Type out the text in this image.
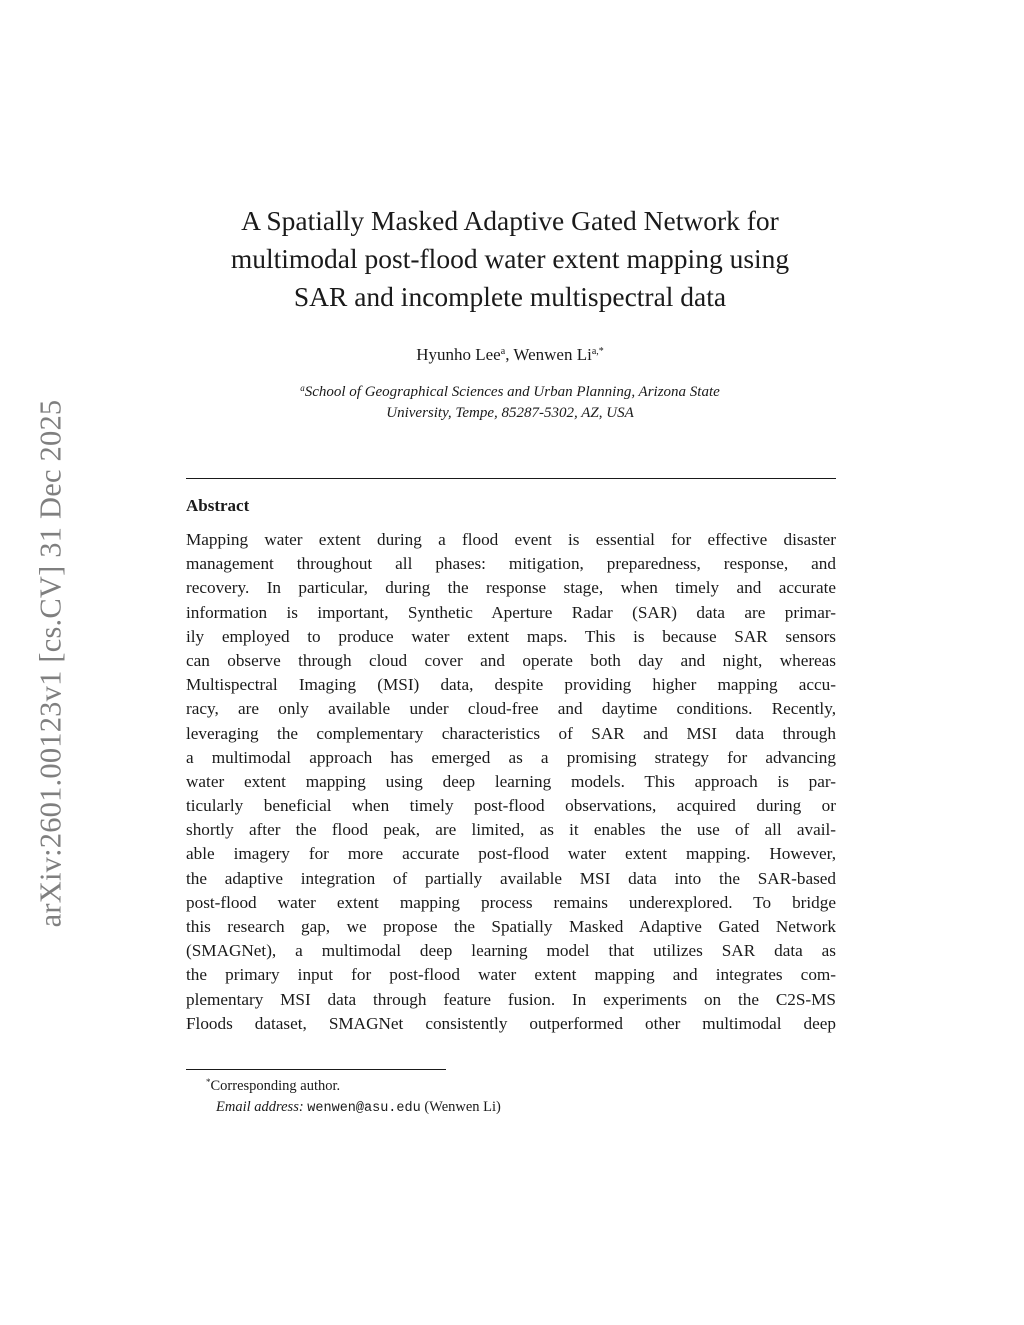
arXiv:2601.00123v1 [cs.CV] 31 Dec 2025
A Spatially Masked Adaptive Gated Network for
multimodal post-flood water extent mapping using
SAR and incomplete multispectral data
Hyunho Lee$^a$, Wenwen $Li^{a,*}$
$^a$School of Geographical Sciences and Urban Planning, Arizona State
University, Tempe, 85287-5302, AZ, USA
Abstract
Mapping water extent during a flood event is essential for effective disaster
management throughout all phases: mitigation, preparedness, response, and
recovery. In particular, during the response stage, when timely and accurate
information is important, Synthetic Aperture Radar (SAR) data are primar-
ily employed to produce water extent maps. This is because SAR sensors
can observe through cloud cover and operate both day and night, whereas
Multispectral Imaging (MSI) data, despite providing higher mapping accu-
racy, are only available under cloud-free and daytime conditions. Recently,
leveraging the complementary characteristics of SAR and MSI data through
a multimodal approach has emerged as a promising strategy for advancing
water extent mapping using deep learning models. This approach is par-
ticularly beneficial when timely post-flood observations, acquired during or
shortly after the flood peak, are limited, as it enables the use of all avail-
able imagery for more accurate post-flood water extent mapping. However,
the adaptive integration of partially available MSI data into the SAR-based
post-flood water extent mapping process remains underexplored. To bridge
this research gap, we propose the Spatially Masked Adaptive Gated Network
(SMAGNet), a multimodal deep learning model that utilizes SAR data as
the primary input for post-flood water extent mapping and integrates com-
plementary MSI data through feature fusion. In experiments on the C2S-MS
Floods dataset, SMAGNet consistently outperformed other multimodal deep
*Corresponding author.
Email address: wenwen@asu.edu (Wenwen Li)
